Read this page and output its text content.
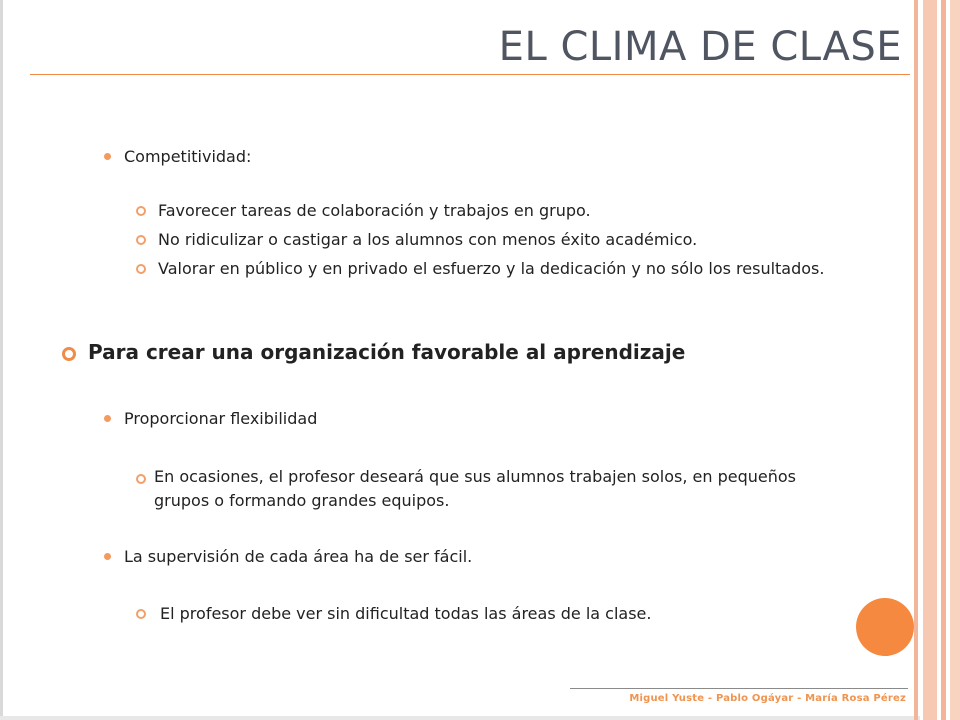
EL CLIMA DE CLASE
Competitividad:
Favorecer tareas de colaboración y trabajos en grupo.
No ridiculizar o castigar a los alumnos con menos éxito académico.
Valorar en público y en privado el esfuerzo y la dedicación y no sólo los resultados.
Para crear una organización favorable al aprendizaje
Proporcionar flexibilidad
En ocasiones, el profesor deseará que sus alumnos trabajen solos, en pequeños grupos o formando grandes equipos.
La supervisión de cada área ha de ser fácil.
El profesor debe ver sin dificultad todas las áreas de la clase.
Miguel Yuste - Pablo Ogáyar - María Rosa Pérez
